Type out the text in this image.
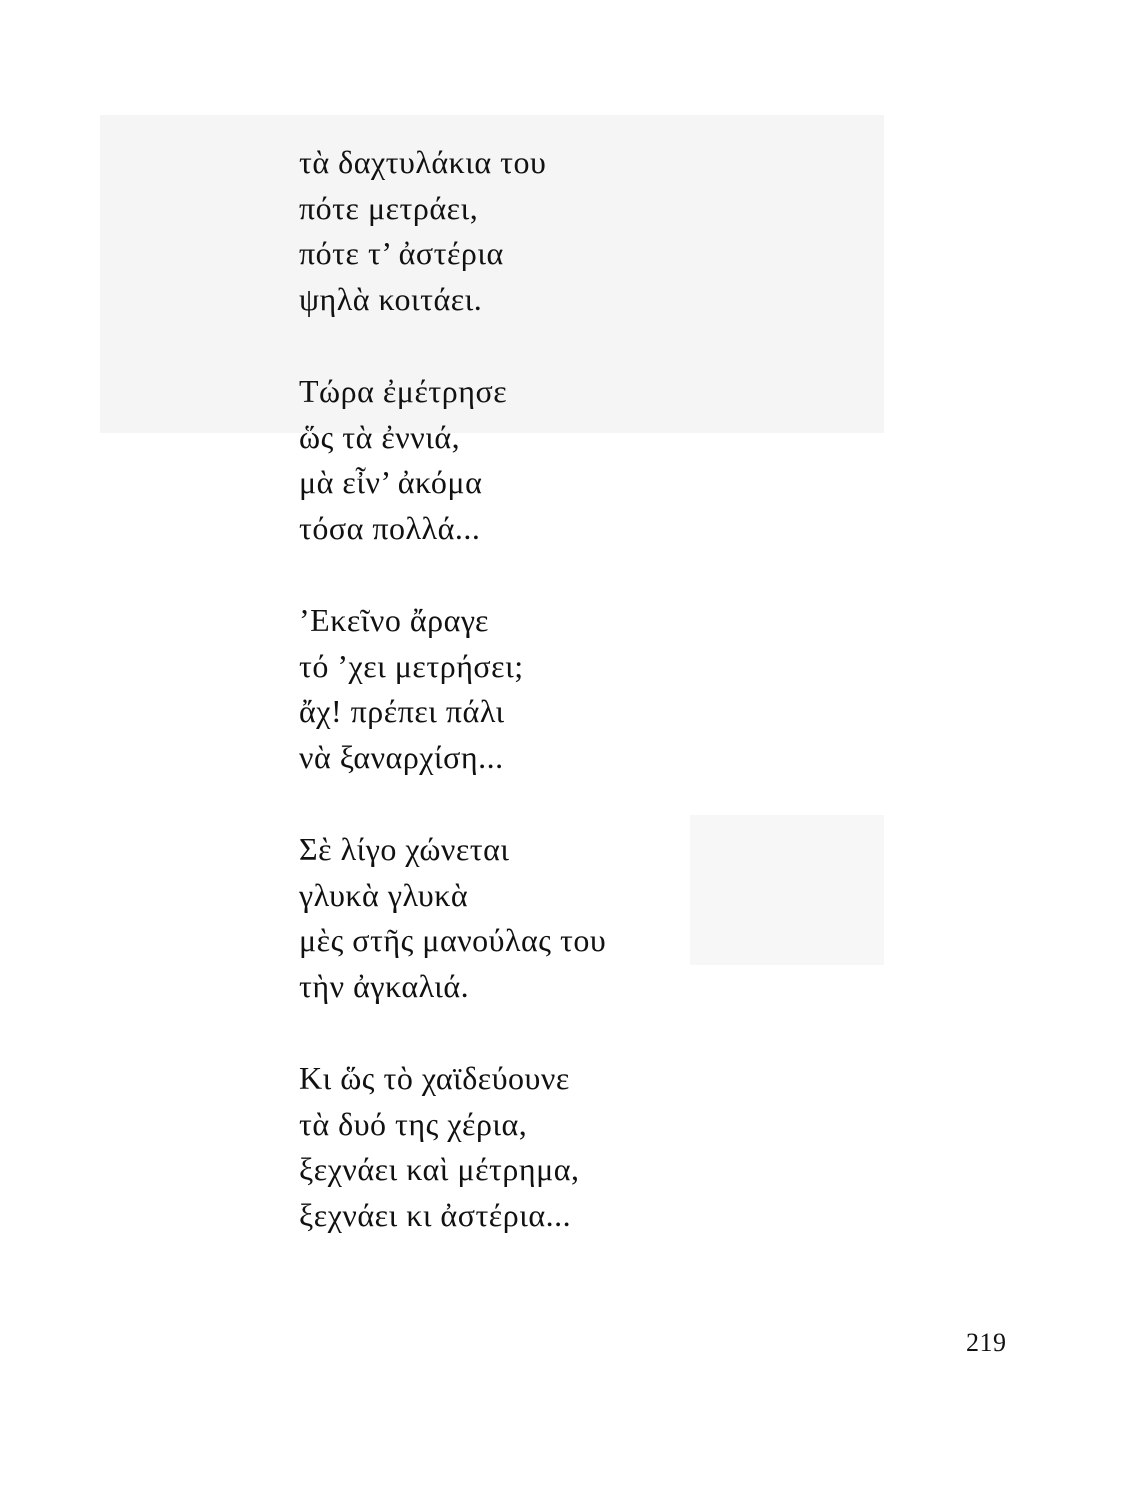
τὰ δαχτυλάκια του
πότε μετράει,
πότε τ’ ἀστέρια
ψηλὰ κοιτάει.
Τώρα ἐμέτρησε
ὥς τὰ ἐννιά,
μὰ εἶν’ ἀκόμα
τόσα πολλά...
’Εκεῖνο ἄραγε
τό ’χει μετρήσει;
ἄχ! πρέπει πάλι
νὰ ξαναρχίση...
Σὲ λίγο χώνεται
γλυκὰ γλυκὰ
μὲς στῆς μανούλας του
τὴν ἀγκαλιά.
Κι ὥς τὸ χαϊδεύουνε
τὰ δυό της χέρια,
ξεχνάει καὶ μέτρημα,
ξεχνάει κι ἀστέρια...
219
